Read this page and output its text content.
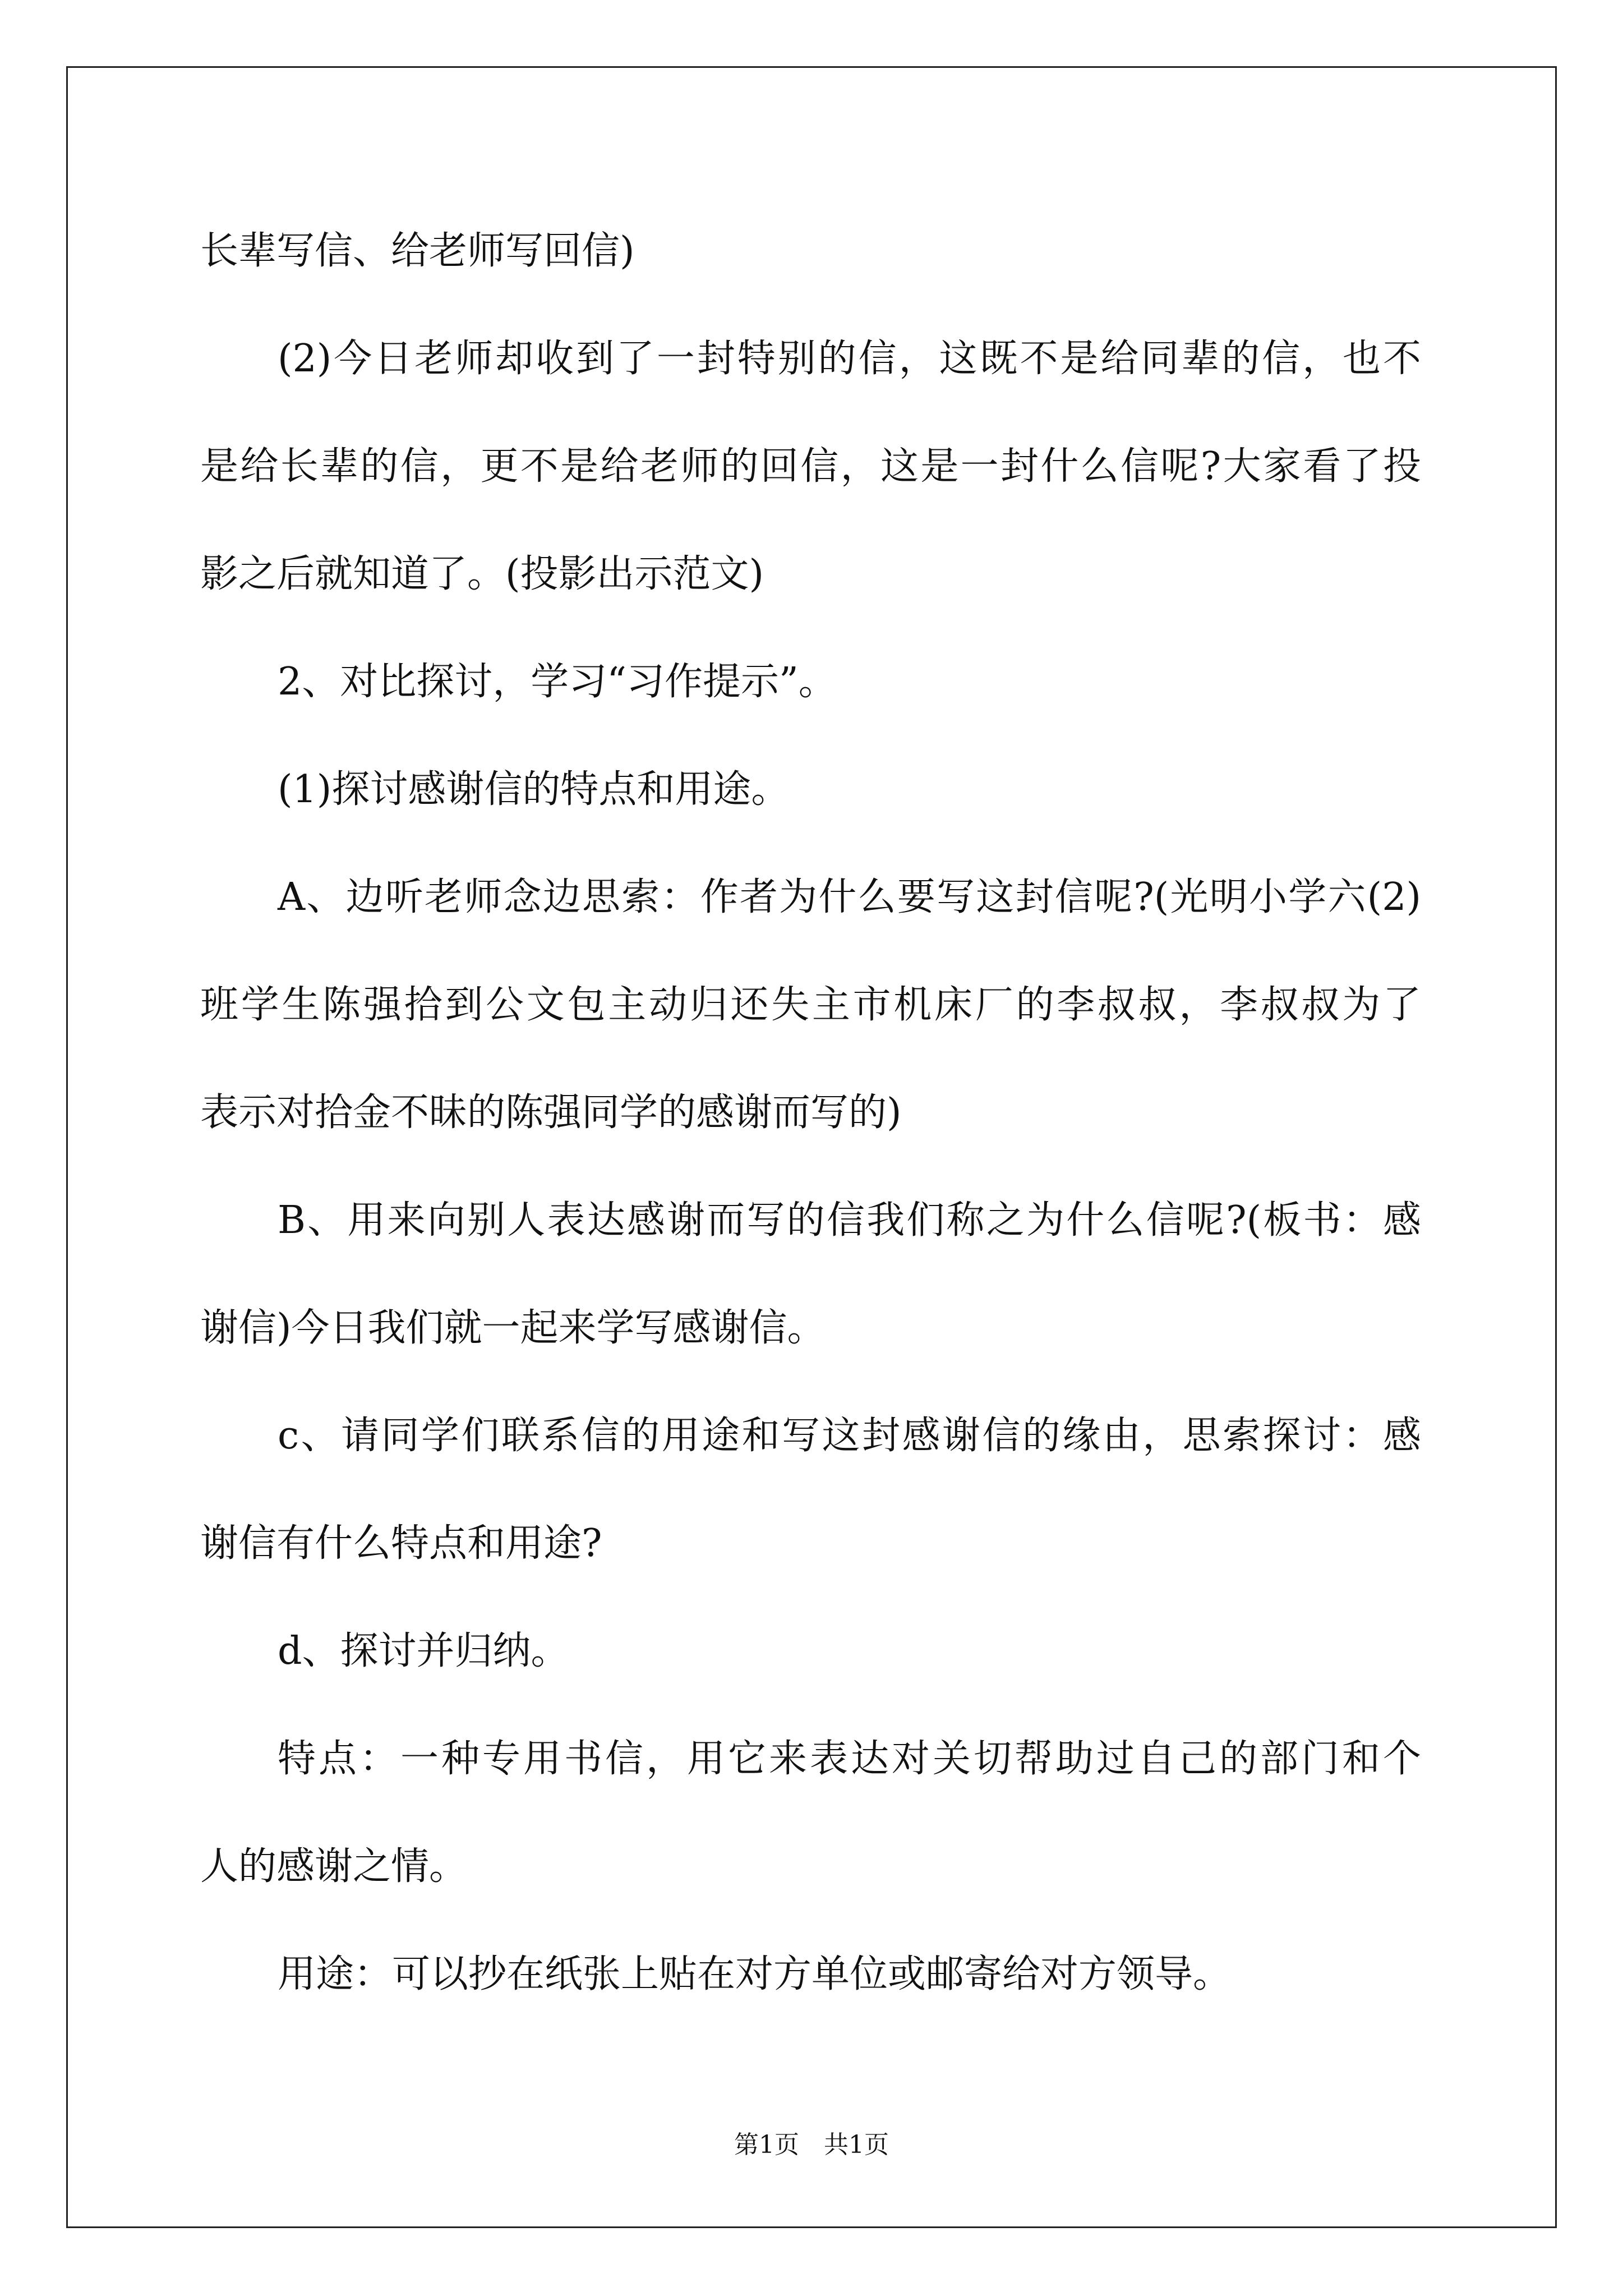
长辈写信、给老师写回信)
(2)今日老师却收到了一封特别的信，这既不是给同辈的信，也不
是给长辈的信，更不是给老师的回信，这是一封什么信呢?大家看了投
影之后就知道了。(投影出示范文)
2、对比探讨，学习“习作提示”。
(1)探讨感谢信的特点和用途。
A、边听老师念边思索：作者为什么要写这封信呢?(光明小学六(2)
班学生陈强拾到公文包主动归还失主市机床厂的李叔叔，李叔叔为了
表示对拾金不昧的陈强同学的感谢而写的)
B、用来向别人表达感谢而写的信我们称之为什么信呢?(板书：感
谢信)今日我们就一起来学写感谢信。
c、请同学们联系信的用途和写这封感谢信的缘由，思索探讨：感
谢信有什么特点和用途?
d、探讨并归纳。
特点：一种专用书信，用它来表达对关切帮助过自己的部门和个
人的感谢之情。
用途：可以抄在纸张上贴在对方单位或邮寄给对方领导。
第1页　共1页
